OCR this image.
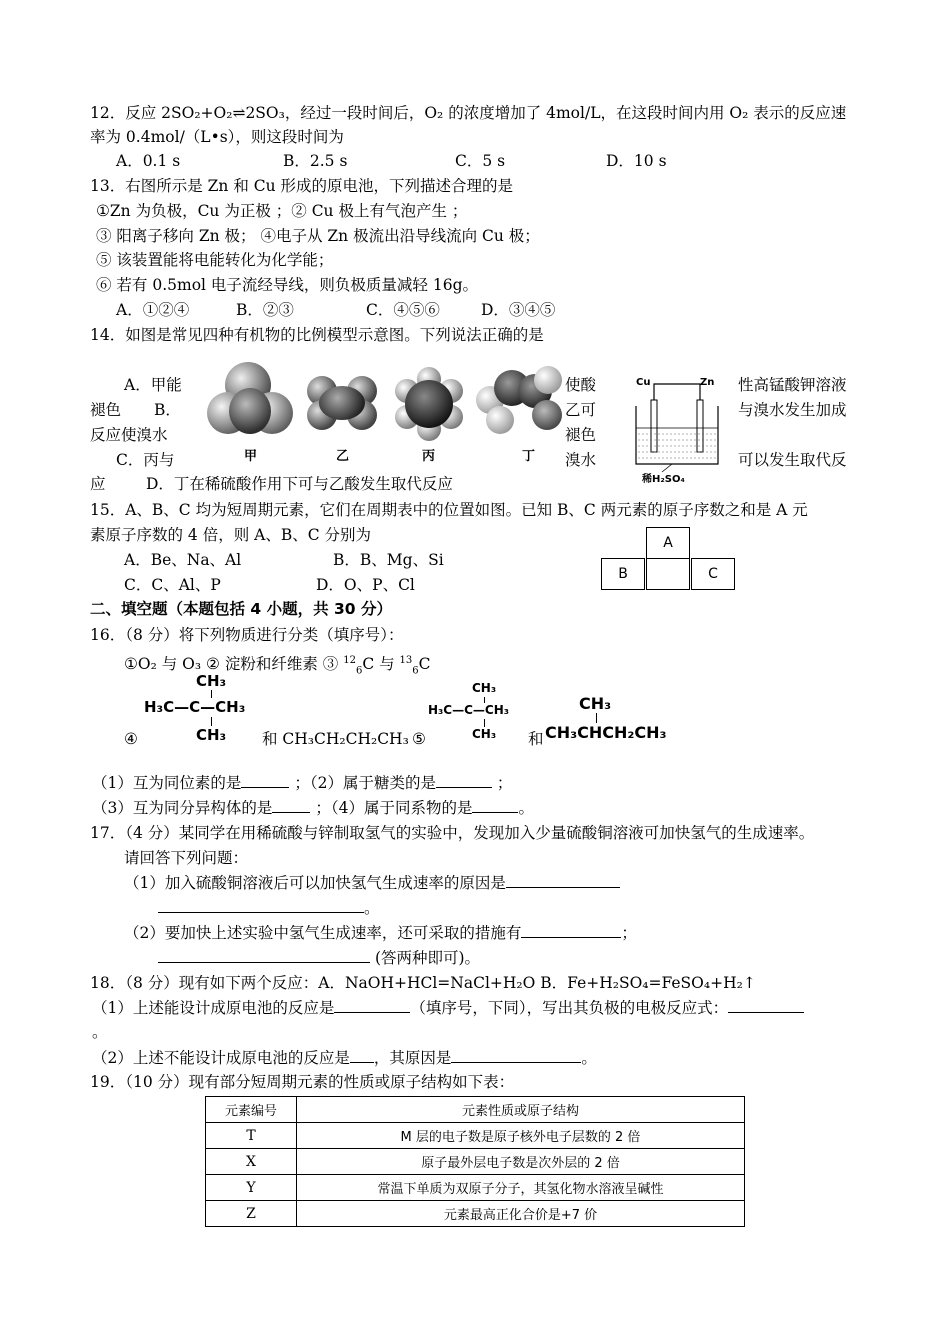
12．反应 2SO₂+O₂⇌2SO₃，经过一段时间后，O₂ 的浓度增加了 4mol/L，在这段时间内用 O₂ 表示的反应速
率为 0.4mol/（L•s），则这段时间为
A．0.1 s	B．2.5 s	C．5 s	D．10 s
13．右图所示是 Zn 和 Cu 形成的原电池，下列描述合理的是
①Zn 为负极，Cu 为正极 ；② Cu 极上有气泡产生 ；
③ 阳离子移向 Zn 极； ④电子从 Zn 极流出沿导线流向 Cu 极；
⑤ 该装置能将电能转化为化学能；
⑥ 若有 0.5mol 电子流经导线，则负极质量减轻 16g。
A．①②④	B．②③	C．④⑤⑥	D．③④⑤
14．如图是常见四种有机物的比例模型示意图。下列说法正确的是
A．甲能
褪色 B．
反应使溴水
C．丙与
应	D．丁在稀硫酸作用下可与乙酸发生取代反应
使酸
乙可
褪色
溴水
性高锰酸钾溶液
与溴水发生加成
可以发生取代反
甲	乙	丙	丁
Cu	Zn
稀H₂SO₄
15．A、B、C 均为短周期元素，它们在周期表中的位置如图。已知 B、C 两元素的原子序数之和是 A 元
素原子序数的 4 倍，则 A、B、C 分别为
A．Be、Na、Al	B．B、Mg、Si
C．C、Al、P	D．O、P、Cl
A
B	C
二、填空题（本题包括 4 小题，共 30 分）
16．（8 分）将下列物质进行分类（填序号）：
①O₂ 与 O₃ ② 淀粉和纤维素 ③ $^{12}_6$C 与 $^{13}_6$C
CH₃
H₃C—C—CH₃
CH₃
④	和 CH₃CH₂CH₂CH₃ ⑤
CH₃
H₃C—C—CH₃
CH₃ 和
CH₃
CH₃CHCH₂CH₃
（1）互为同位素的是	；（2）属于糖类的是	；
（3）互为同分异构体的是	；（4）属于同系物的是	。
17．（4 分）某同学在用稀硫酸与锌制取氢气的实验中，发现加入少量硫酸铜溶液可加快氢气的生成速率。
请回答下列问题：
（1）加入硫酸铜溶液后可以加快氢气生成速率的原因是
。
（2）要加快上述实验中氢气生成速率，还可采取的措施有	；
(答两种即可)。
18．（8 分）现有如下两个反应：A．NaOH+HCl=NaCl+H₂O B．Fe+H₂SO₄=FeSO₄+H₂↑
（1）上述能设计成原电池的反应是	（填序号，下同），写出其负极的电极反应式：
。
（2）上述不能设计成原电池的反应是 ，其原因是	。
19．（10 分）现有部分短周期元素的性质或原子结构如下表：
元素编号	元素性质或原子结构
T	M 层的电子数是原子核外电子层数的 2 倍
X	原子最外层电子数是次外层的 2 倍
Y	常温下单质为双原子分子，其氢化物水溶液呈碱性
Z	元素最高正化合价是+7 价
